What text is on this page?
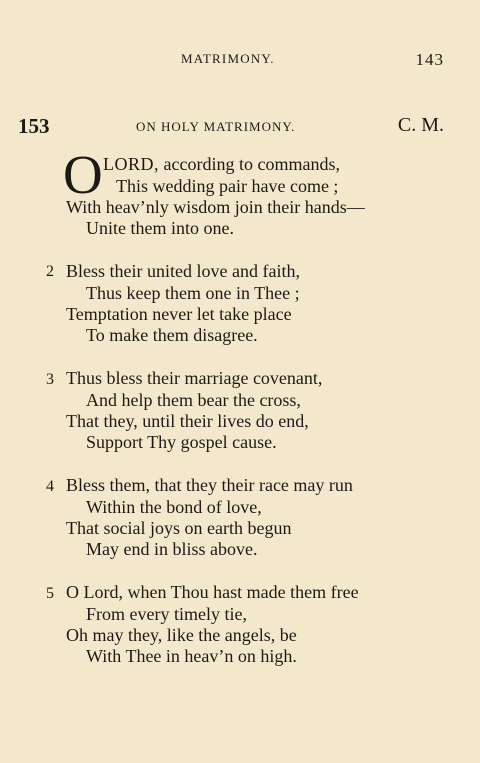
MATRIMONY.	143
153	ON HOLY MATRIMONY.	C. M.
O LORD, according to commands,
This wedding pair have come ;
With heav’nly wisdom join their hands—
Unite them into one.
2 Bless their united love and faith,
Thus keep them one in Thee ;
Temptation never let take place
To make them disagree.
3 Thus bless their marriage covenant,
And help them bear the cross,
That they, until their lives do end,
Support Thy gospel cause.
4 Bless them, that they their race may run
Within the bond of love,
That social joys on earth begun
May end in bliss above.
5 O Lord, when Thou hast made them free
From every timely tie,
Oh may they, like the angels, be
With Thee in heav’n on high.
